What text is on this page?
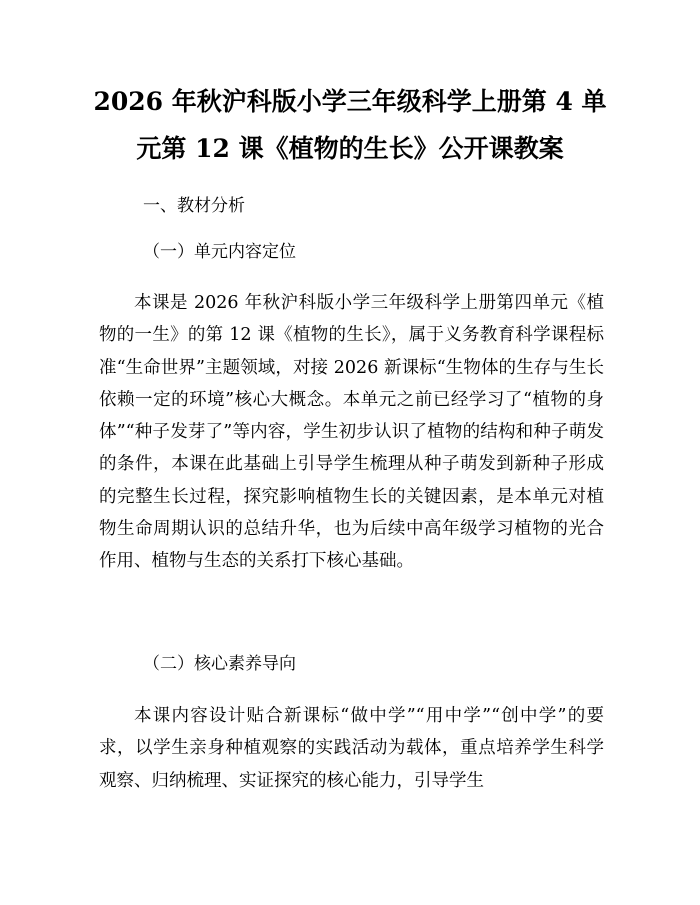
2026 年秋沪科版小学三年级科学上册第 4 单
元第 12 课《植物的生长》公开课教案
一、教材分析
（一）单元内容定位

本课是 2026 年秋沪科版小学三年级科学上册第四单元《植物的一生》的第 12 课《植物的生长》，属于义务教育科学课程标准“生命世界”主题领域，对接 2026 新课标“生物体的生存与生长依赖一定的环境”核心大概念。本单元之前已经学习了“植物的身体”“种子发芽了”等内容，学生初步认识了植物的结构和种子萌发的条件，本课在此基础上引导学生梳理从种子萌发到新种子形成的完整生长过程，探究影响植物生长的关键因素，是本单元对植物生命周期认识的总结升华，也为后续中高年级学习植物的光合作用、植物与生态的关系打下核心基础。

（二）核心素养导向

本课内容设计贴合新课标“做中学”“用中学”“创中学”的要求，以学生亲身种植观察的实践活动为载体，重点培养学生科学观察、归纳梳理、实证探究的核心能力，引导学生
